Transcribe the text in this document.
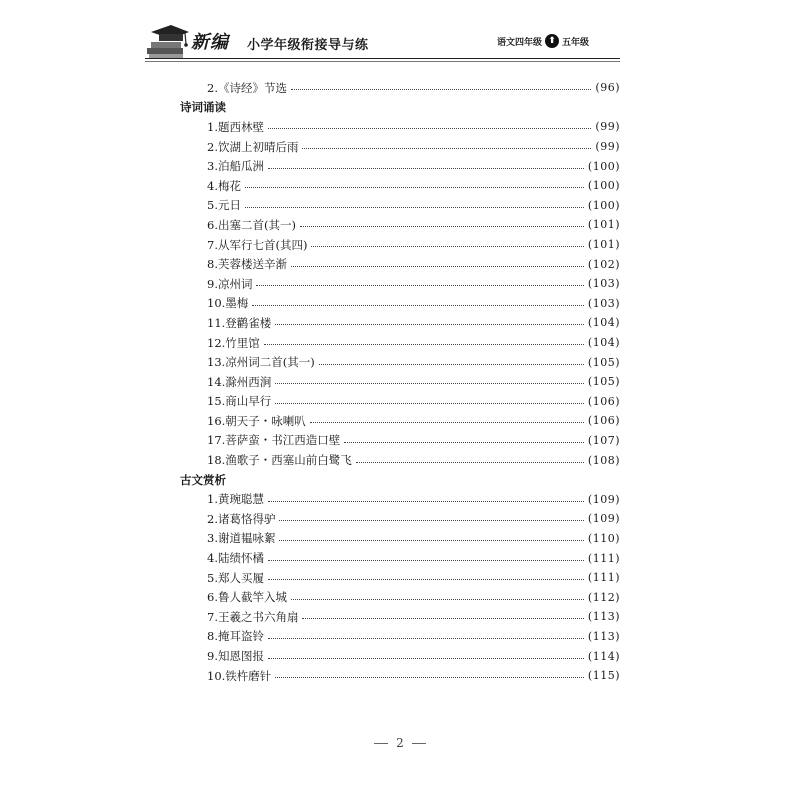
新编 小学年级衔接导与练	语文四年级 ⬆ 五年级
2.《诗经》节选	(96)
诗词诵读
1.题西林壁	(99)
2.饮湖上初晴后雨	(99)
3.泊船瓜洲	(100)
4.梅花	(100)
5.元日	(100)
6.出塞二首(其一)	(101)
7.从军行七首(其四)	(101)
8.芙蓉楼送辛渐	(102)
9.凉州词	(103)
10.墨梅	(103)
11.登鹳雀楼	(104)
12.竹里馆	(104)
13.凉州词二首(其一)	(105)
14.滁州西涧	(105)
15.商山早行	(106)
16.朝天子・咏喇叭	(106)
17.菩萨蛮・书江西造口壁	(107)
18.渔歌子・西塞山前白鹭飞	(108)
古文赏析
1.黄琬聪慧	(109)
2.诸葛恪得驴	(109)
3.谢道韫咏絮	(110)
4.陆绩怀橘	(111)
5.郑人买履	(111)
6.鲁人截竿入城	(112)
7.王羲之书六角扇	(113)
8.掩耳盗铃	(113)
9.知恩图报	(114)
10.铁杵磨针	(115)
2
